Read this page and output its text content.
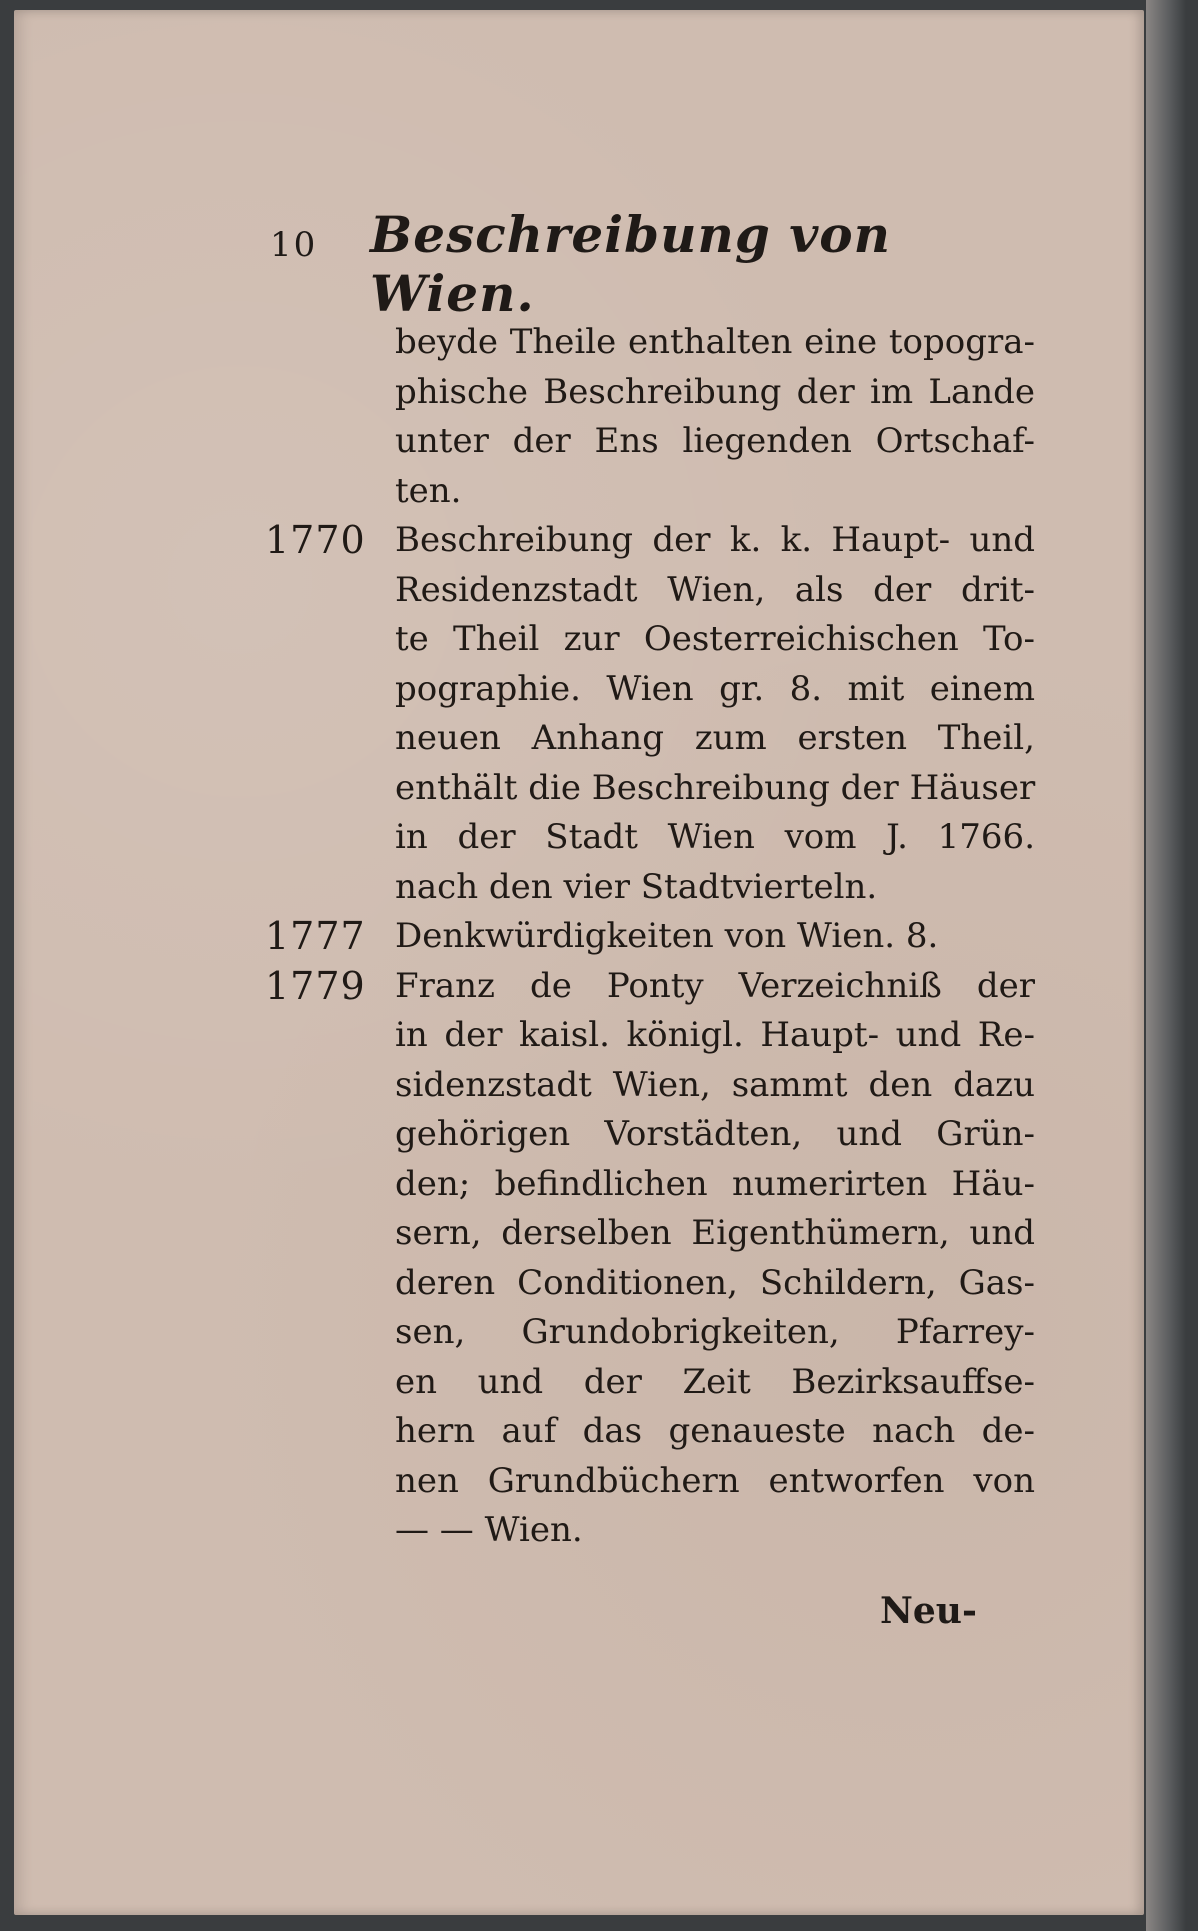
10 Beschreibung von Wien.
beyde Theile enthalten eine topogra-
phische Beschreibung der im Lande
unter der Ens liegenden Ortschaf-
ten.
1770 Beschreibung der k. k. Haupt- und
Residenzstadt Wien, als der drit-
te Theil zur Oesterreichischen To-
pographie. Wien gr. 8. mit einem
neuen Anhang zum ersten Theil,
enthält die Beschreibung der Häuser
in der Stadt Wien vom J. 1766.
nach den vier Stadtvierteln.
1777 Denkwürdigkeiten von Wien. 8.
1779 Franz de Ponty Verzeichniß der
in der kaisl. königl. Haupt- und Re-
sidenzstadt Wien, sammt den dazu
gehörigen Vorstädten, und Grün-
den; befindlichen numerirten Häu-
sern, derselben Eigenthümern, und
deren Conditionen, Schildern, Gas-
sen, Grundobrigkeiten, Pfarrey-
en und der Zeit Bezirksauffse-
hern auf das genaueste nach de-
nen Grundbüchern entworfen von
— — Wien.
Neu-
